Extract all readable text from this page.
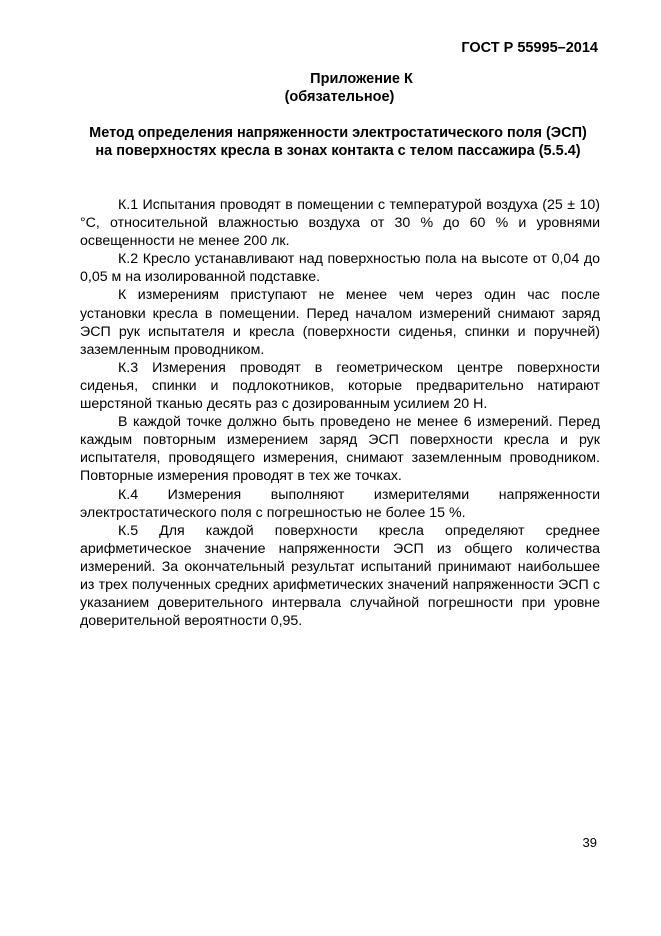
ГОСТ Р 55995–2014
Приложение К
(обязательное)
Метод определения напряженности электростатического поля (ЭСП) на поверхностях кресла в зонах контакта с телом пассажира (5.5.4)

К.1 Испытания проводят в помещении с температурой воздуха (25 ± 10) °С, относительной влажностью воздуха от 30 % до 60 % и уровнями освещенности не менее 200 лк.

К.2 Кресло устанавливают над поверхностью пола на высоте от 0,04 до 0,05 м на изолированной подставке.

К измерениям приступают не менее чем через один час после установки кресла в помещении. Перед началом измерений снимают заряд ЭСП рук испытателя и кресла (поверхности сиденья, спинки и поручней) заземленным проводником.

К.3 Измерения проводят в геометрическом центре поверхности сиденья, спинки и подлокотников, которые предварительно натирают шерстяной тканью десять раз с дозированным усилием 20 Н.

В каждой точке должно быть проведено не менее 6 измерений. Перед каждым повторным измерением заряд ЭСП поверхности кресла и рук испытателя, проводящего измерения, снимают заземленным проводником. Повторные измерения проводят в тех же точках.

К.4 Измерения выполняют измерителями напряженности электростатического поля с погрешностью не более 15 %.

К.5 Для каждой поверхности кресла определяют среднее арифметическое значение напряженности ЭСП из общего количества измерений. За окончательный результат испытаний принимают наибольшее из трех полученных средних арифметических значений напряженности ЭСП с указанием доверительного интервала случайной погрешности при уровне доверительной вероятности 0,95.

39
